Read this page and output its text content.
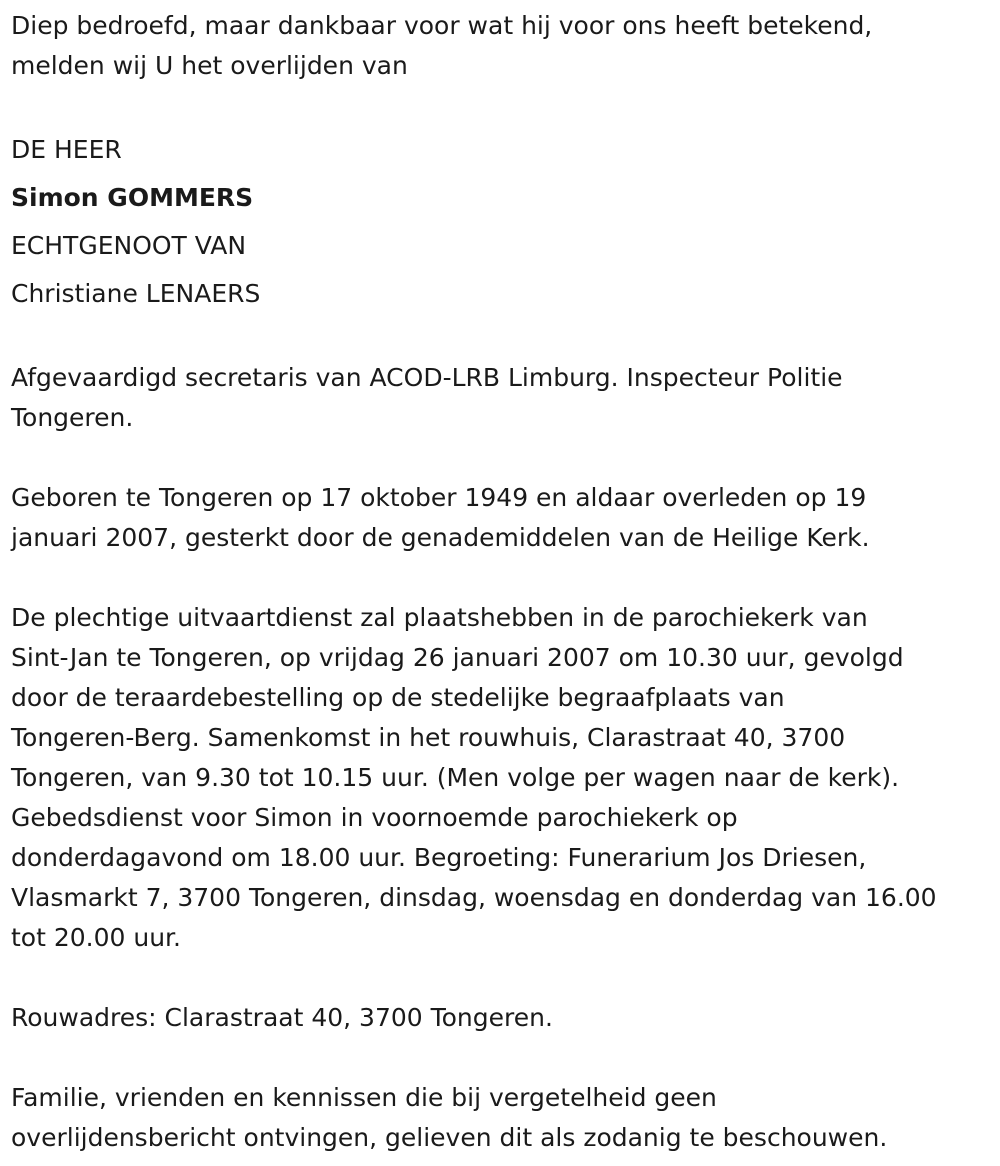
Diep bedroefd, maar dankbaar voor wat hij voor ons heeft betekend,
melden wij U het overlijden van
DE HEER
Simon GOMMERS
ECHTGENOOT VAN
Christiane LENAERS
Afgevaardigd secretaris van ACOD-LRB Limburg. Inspecteur Politie
Tongeren.
Geboren te Tongeren op 17 oktober 1949 en aldaar overleden op 19
januari 2007, gesterkt door de genademiddelen van de Heilige Kerk.
De plechtige uitvaartdienst zal plaatshebben in de parochiekerk van
Sint-Jan te Tongeren, op vrijdag 26 januari 2007 om 10.30 uur, gevolgd
door de teraardebestelling op de stedelijke begraafplaats van
Tongeren-Berg. Samenkomst in het rouwhuis, Clarastraat 40, 3700
Tongeren, van 9.30 tot 10.15 uur. (Men volge per wagen naar de kerk).
Gebedsdienst voor Simon in voornoemde parochiekerk op
donderdagavond om 18.00 uur. Begroeting: Funerarium Jos Driesen,
Vlasmarkt 7, 3700 Tongeren, dinsdag, woensdag en donderdag van 16.00
tot 20.00 uur.
Rouwadres: Clarastraat 40, 3700 Tongeren.
Familie, vrienden en kennissen die bij vergetelheid geen
overlijdensbericht ontvingen, gelieven dit als zodanig te beschouwen.
